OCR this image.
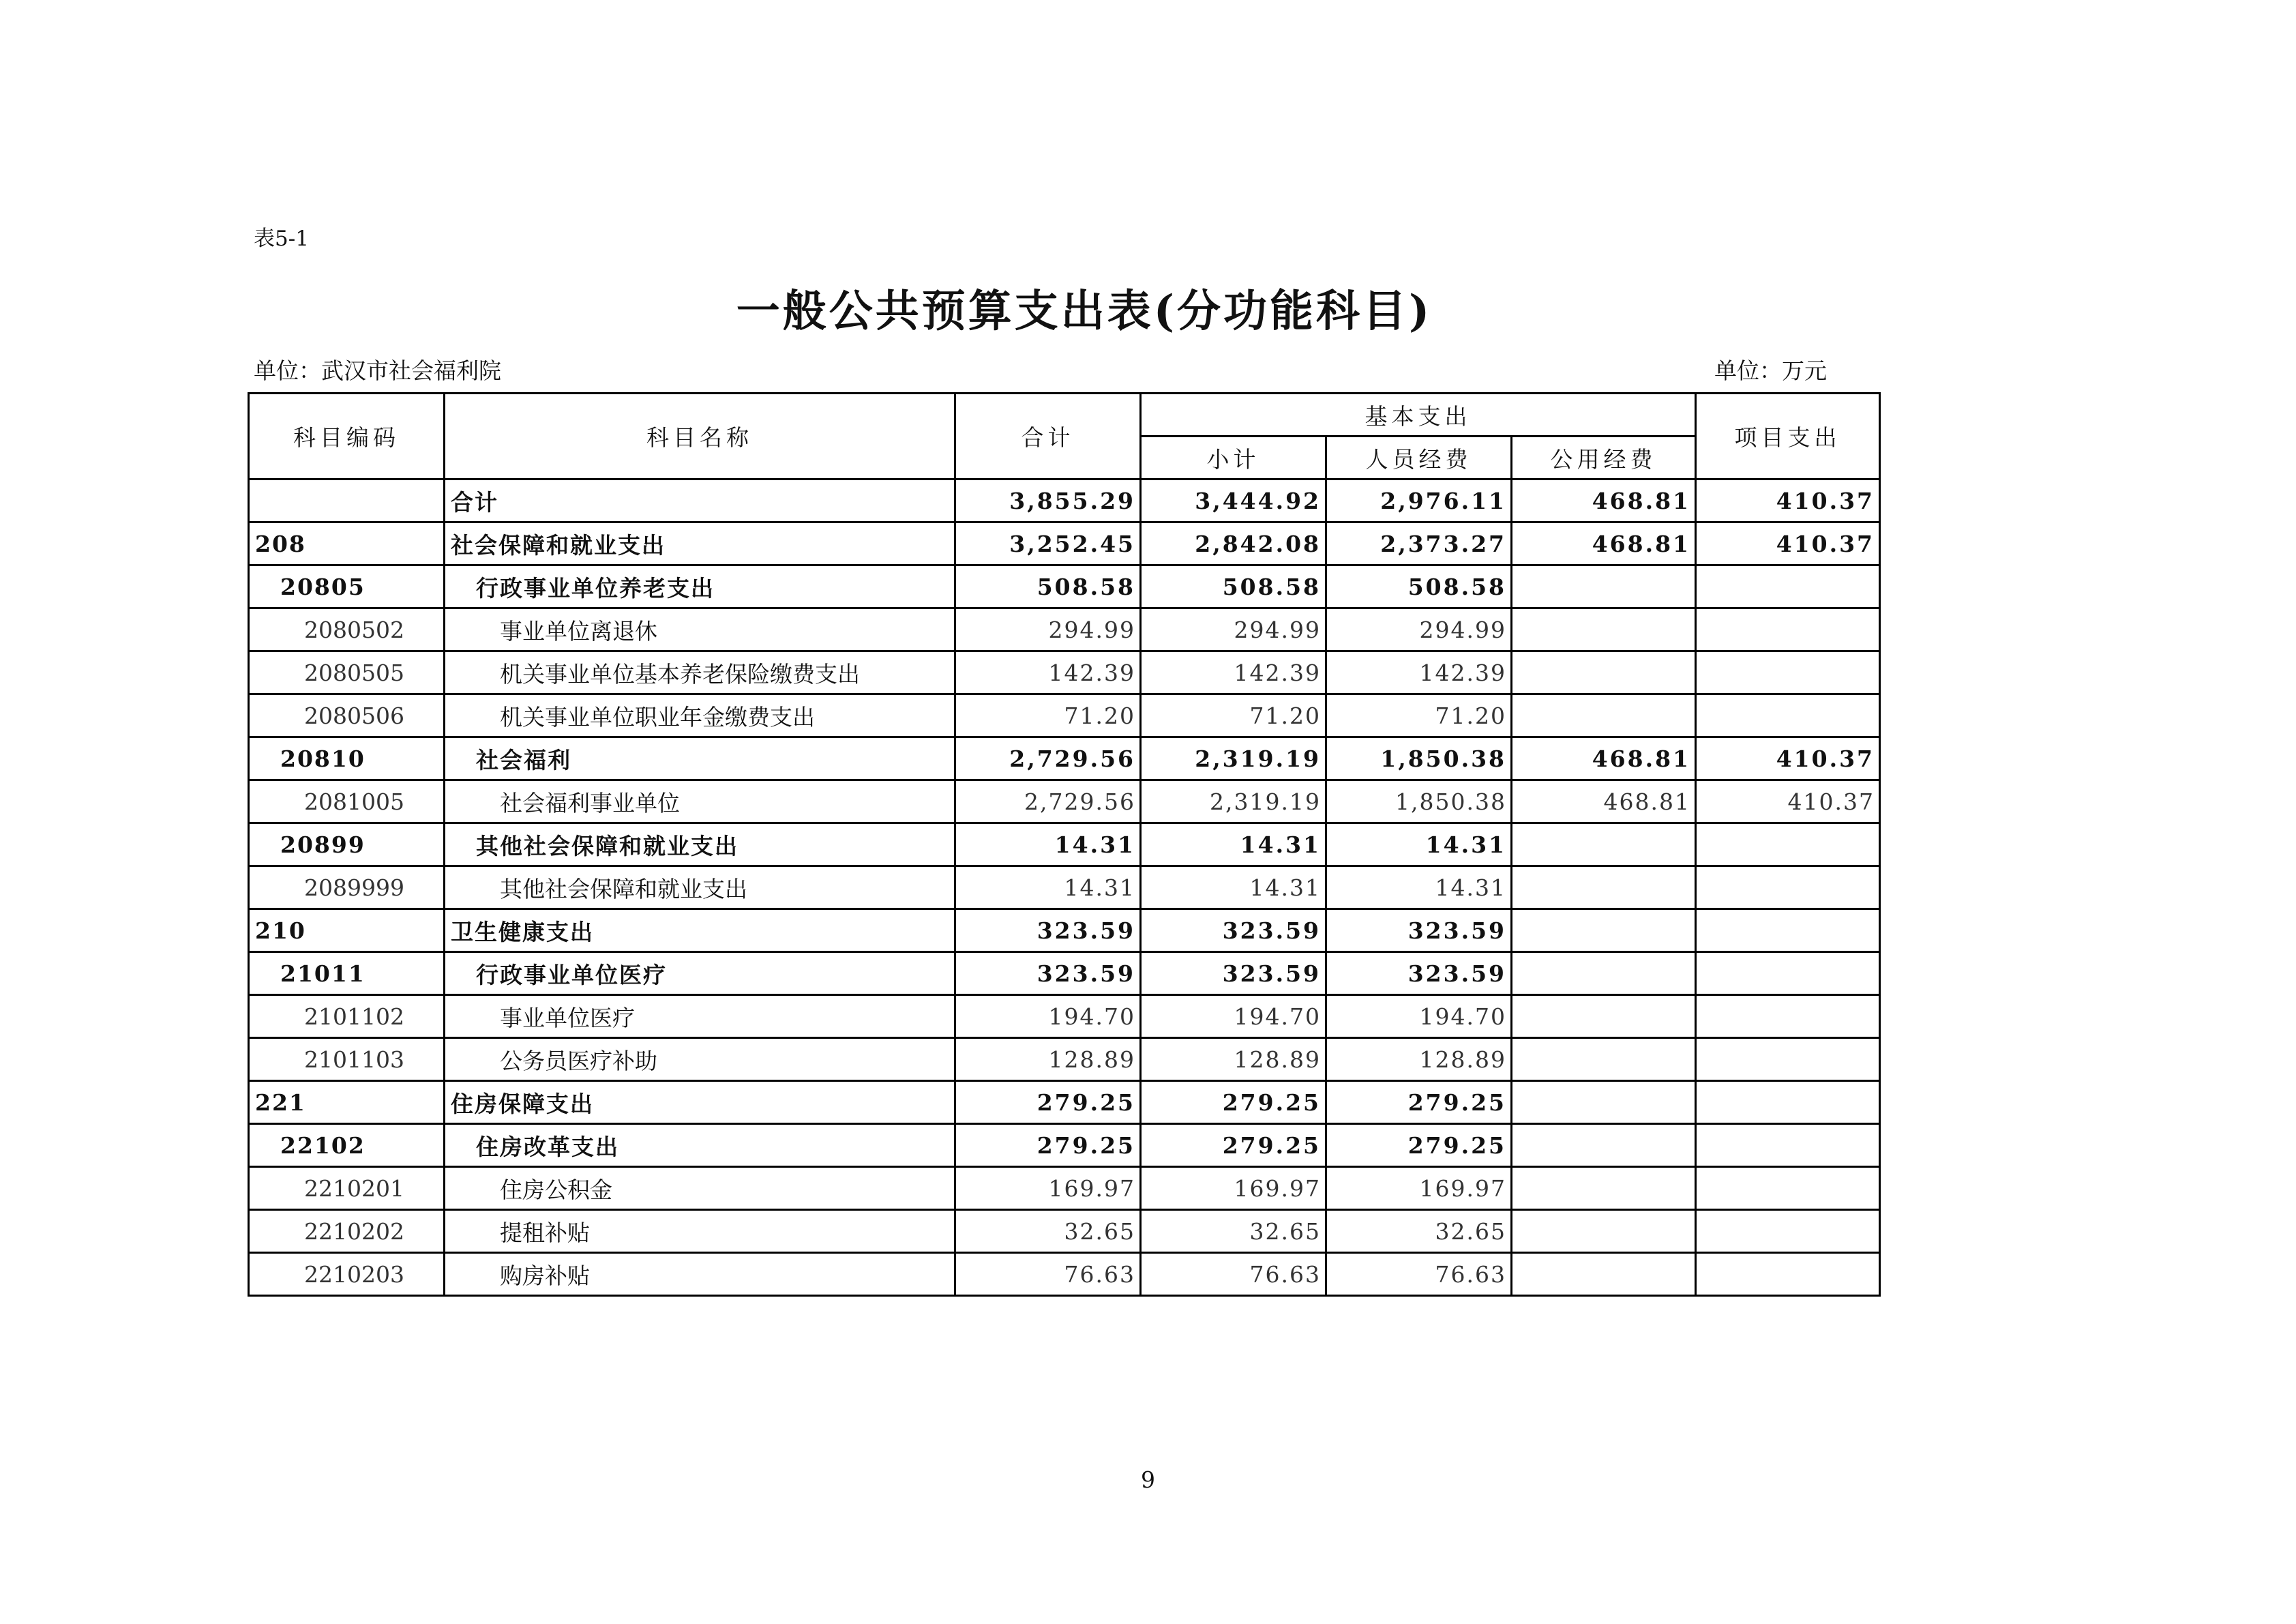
表5-1
一般公共预算支出表(分功能科目)
单位：武汉市社会福利院	单位：万元
科目编码	科目名称	合计	基本支出			项目支出
			小计	人员经费	公用经费	
	合计	3,855.29	3,444.92	2,976.11	468.81	410.37
208	社会保障和就业支出	3,252.45	2,842.08	2,373.27	468.81	410.37
20805	行政事业单位养老支出	508.58	508.58	508.58		
2080502	事业单位离退休	294.99	294.99	294.99		
2080505	机关事业单位基本养老保险缴费支出	142.39	142.39	142.39		
2080506	机关事业单位职业年金缴费支出	71.20	71.20	71.20		
20810	社会福利	2,729.56	2,319.19	1,850.38	468.81	410.37
2081005	社会福利事业单位	2,729.56	2,319.19	1,850.38	468.81	410.37
20899	其他社会保障和就业支出	14.31	14.31	14.31		
2089999	其他社会保障和就业支出	14.31	14.31	14.31		
210	卫生健康支出	323.59	323.59	323.59		
21011	行政事业单位医疗	323.59	323.59	323.59		
2101102	事业单位医疗	194.70	194.70	194.70		
2101103	公务员医疗补助	128.89	128.89	128.89		
221	住房保障支出	279.25	279.25	279.25		
22102	住房改革支出	279.25	279.25	279.25		
2210201	住房公积金	169.97	169.97	169.97		
2210202	提租补贴	32.65	32.65	32.65		
2210203	购房补贴	76.63	76.63	76.63		
9
